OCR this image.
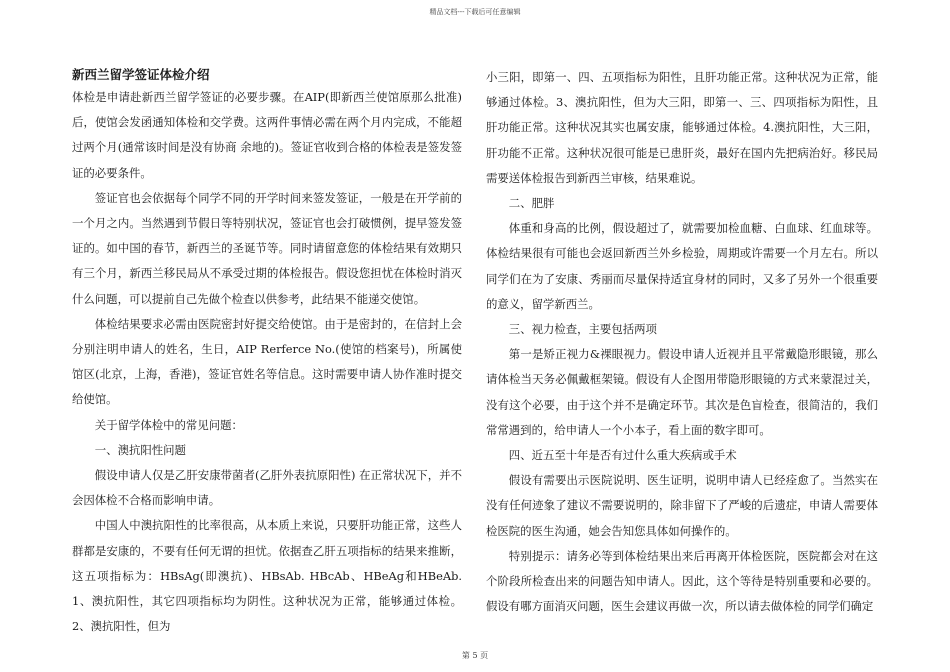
精品文档---下载后可任意编辑
新西兰留学签证体检介绍

体检是申请赴新西兰留学签证的必要步骤。在AIP(即新西兰使馆原那么批准)后，使馆会发函通知体检和交学费。这两件事情必需在两个月内完成，不能超过两个月(通常该时间是没有协商 余地的)。签证官收到合格的体检表是签发签证的必要条件。

签证官也会依据每个同学不同的开学时间来签发签证，一般是在开学前的一个月之内。当然遇到节假日等特别状况，签证官也会打破惯例，提早签发签证的。如中国的春节，新西兰的圣诞节等。同时请留意您的体检结果有效期只有三个月，新西兰移民局从不承受过期的体检报告。假设您担忧在体检时消灭什么问题，可以提前自己先做个检查以供参考，此结果不能递交使馆。

体检结果要求必需由医院密封好提交给使馆。由于是密封的，在信封上会分别注明申请人的姓名，生日，AIP Rerferce No.(使馆的档案号)，所属使馆区(北京，上海，香港)，签证官姓名等信息。这时需要申请人协作准时提交给使馆。

关于留学体检中的常见问题：

一、澳抗阳性问题

假设申请人仅是乙肝安康带菌者(乙肝外表抗原阳性) 在正常状况下，并不会因体检不合格而影响申请。

中国人中澳抗阳性的比率很高，从本质上来说，只要肝功能正常，这些人群都是安康的，不要有任何无谓的担忧。依据查乙肝五项指标的结果来推断，这五项指标为：HBsAg(即澳抗)、HBsAb. HBcAb、HBeAg和HBeAb. 1、澳抗阳性，其它四项指标均为阴性。这种状况为正常，能够通过体检。2、澳抗阳性，但为

小三阳，即第一、四、五项指标为阳性，且肝功能正常。这种状况为正常，能够通过体检。3、澳抗阳性，但为大三阳，即第一、三、四项指标为阳性，且肝功能正常。这种状况其实也属安康，能够通过体检。4.澳抗阳性，大三阳，肝功能不正常。这种状况很可能是已患肝炎，最好在国内先把病治好。移民局需要送体检报告到新西兰审核，结果难说。

二、肥胖

体重和身高的比例，假设超过了，就需要加检血糖、白血球、红血球等。体检结果很有可能也会返回新西兰外乡检验，周期或许需要一个月左右。所以同学们在为了安康、秀丽而尽量保持适宜身材的同时，又多了另外一个很重要的意义，留学新西兰。

三、视力检查，主要包括两项

第一是矫正视力&裸眼视力。假设申请人近视并且平常戴隐形眼镜，那么请体检当天务必佩戴框架镜。假设有人企图用带隐形眼镜的方式来蒙混过关，没有这个必要，由于这个并不是确定环节。其次是色盲检查，很简洁的，我们常常遇到的，给申请人一个小本子，看上面的数字即可。

四、近五至十年是否有过什么重大疾病或手术

假设有需要出示医院说明、医生证明，说明申请人已经痊愈了。当然实在没有任何迹象了建议不需要说明的，除非留下了严峻的后遗症，申请人需要体检医院的医生沟通，她会告知您具体如何操作的。

特别提示：请务必等到体检结果出来后再离开体检医院，医院都会对在这个阶段所检查出来的问题告知申请人。因此，这个等待是特别重要和必要的。假设有哪方面消灭问题，医生会建议再做一次，所以请去做体检的同学们确定

第 5 页
